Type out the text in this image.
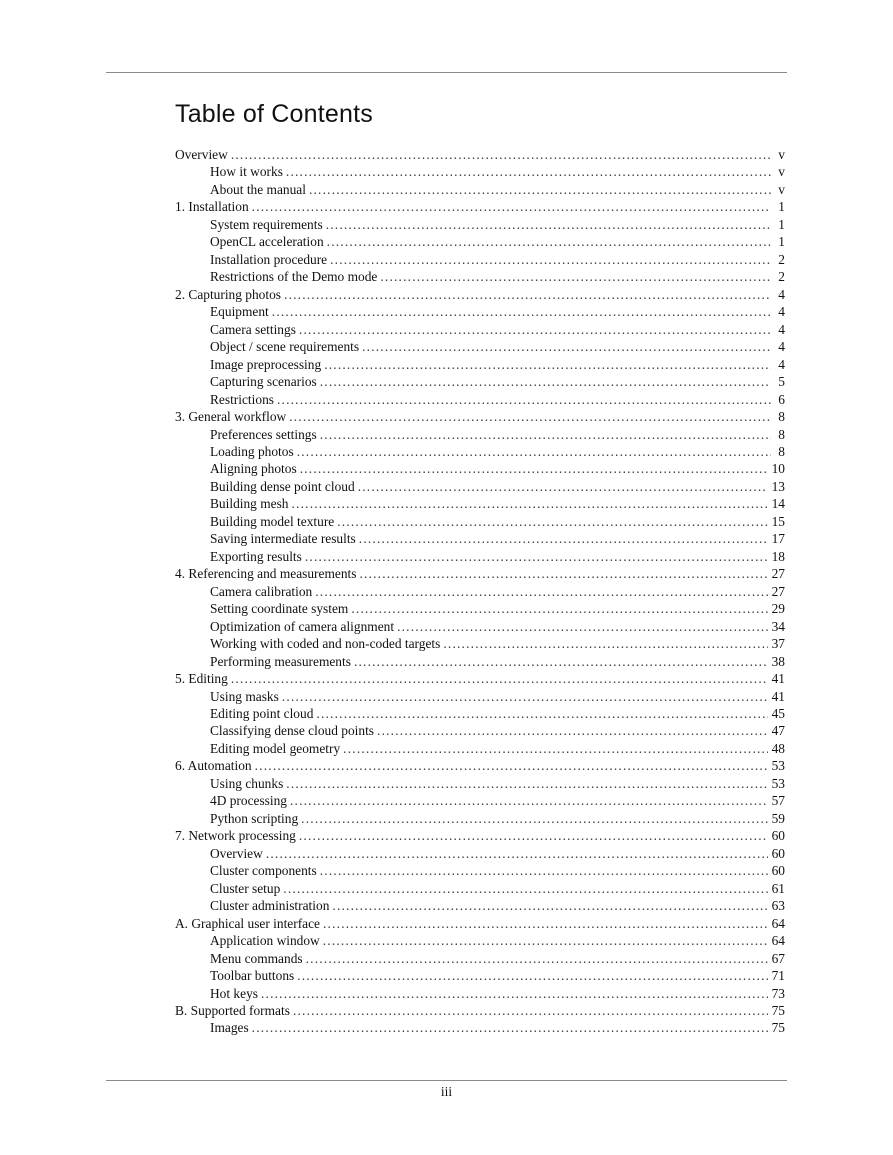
Table of Contents
Overview .....	v
How it works .....	v
About the manual .....	v
1. Installation .....	1
System requirements .....	1
OpenCL acceleration .....	1
Installation procedure .....	2
Restrictions of the Demo mode .....	2
2. Capturing photos .....	4
Equipment .....	4
Camera settings .....	4
Object / scene requirements .....	4
Image preprocessing .....	4
Capturing scenarios .....	5
Restrictions .....	6
3. General workflow .....	8
Preferences settings .....	8
Loading photos .....	8
Aligning photos .....	10
Building dense point cloud .....	13
Building mesh .....	14
Building model texture .....	15
Saving intermediate results .....	17
Exporting results .....	18
4. Referencing and measurements .....	27
Camera calibration .....	27
Setting coordinate system .....	29
Optimization of camera alignment .....	34
Working with coded and non-coded targets .....	37
Performing measurements .....	38
5. Editing .....	41
Using masks .....	41
Editing point cloud .....	45
Classifying dense cloud points .....	47
Editing model geometry .....	48
6. Automation .....	53
Using chunks .....	53
4D processing .....	57
Python scripting .....	59
7. Network processing .....	60
Overview .....	60
Cluster components .....	60
Cluster setup .....	61
Cluster administration .....	63
A. Graphical user interface .....	64
Application window .....	64
Menu commands .....	67
Toolbar buttons .....	71
Hot keys .....	73
B. Supported formats .....	75
Images .....	75
iii
